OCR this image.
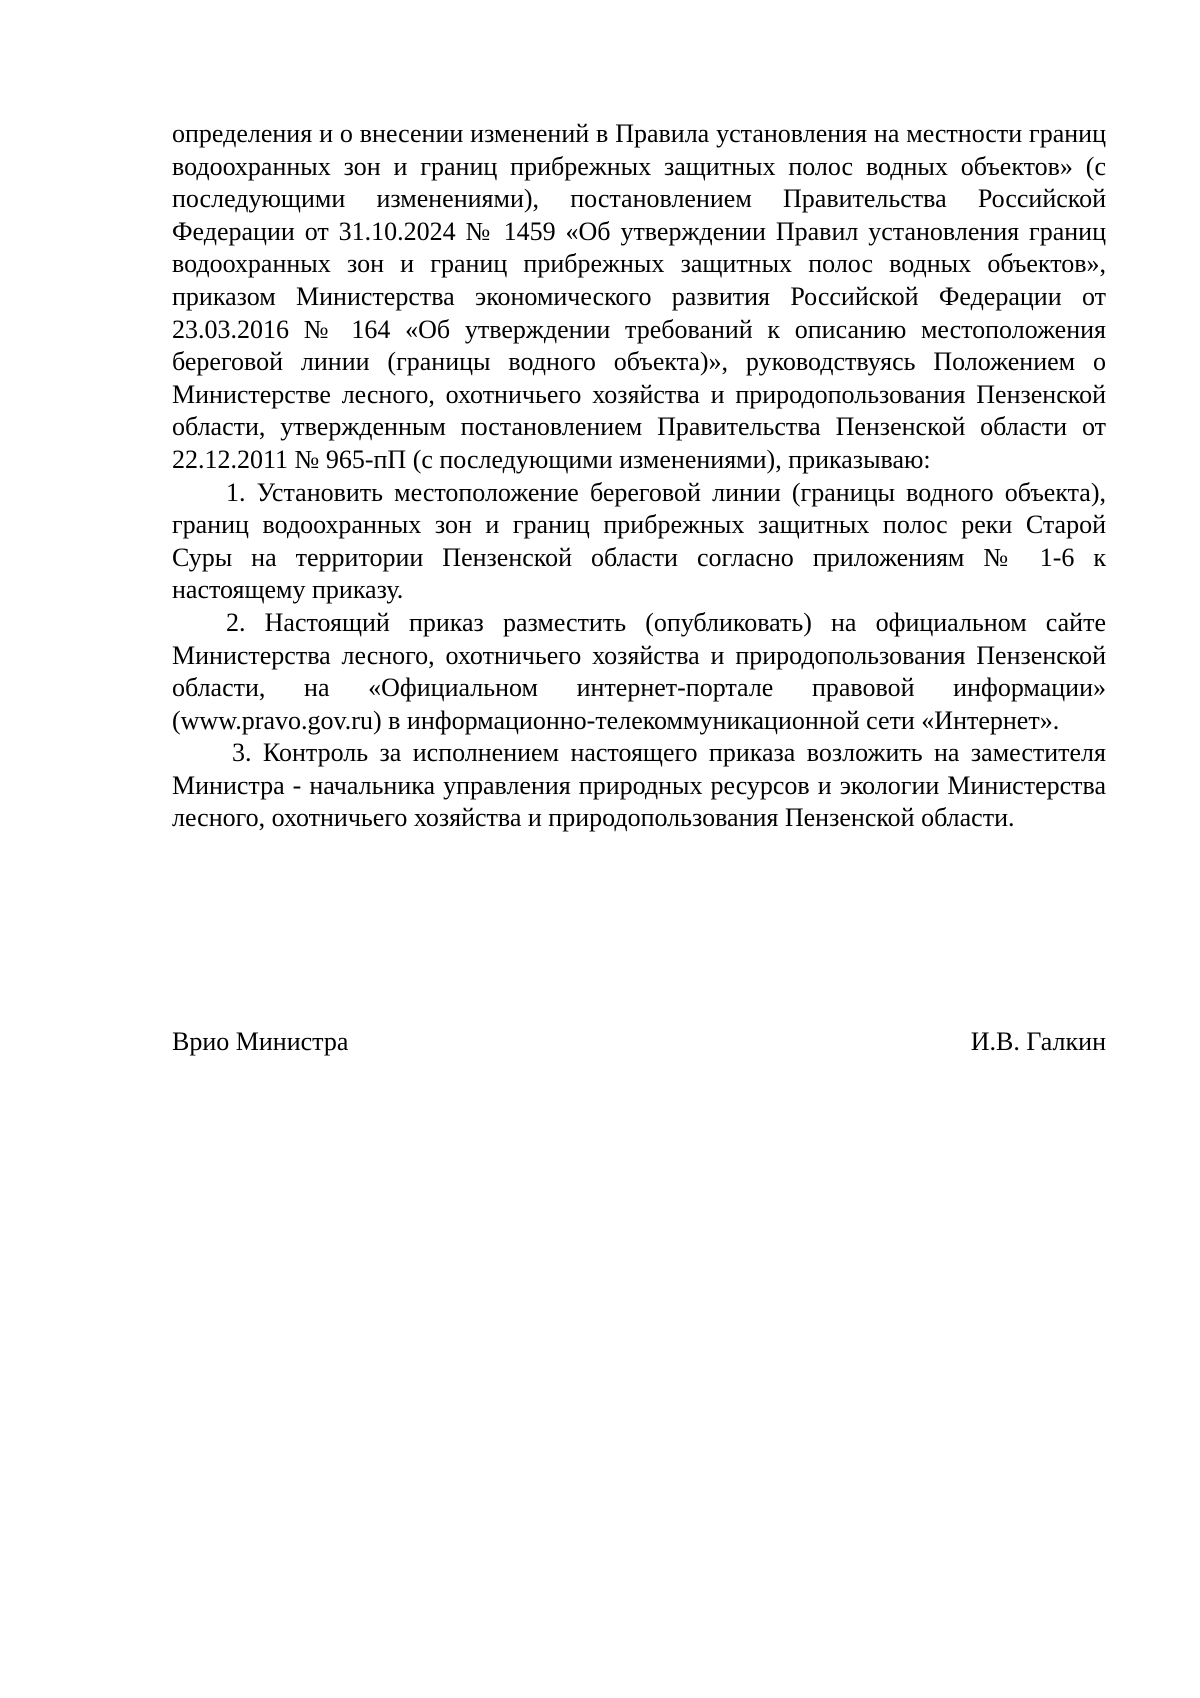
определения и о внесении изменений в Правила установления на местности границ водоохранных зон и границ прибрежных защитных полос водных объектов» (с последующими изменениями), постановлением Правительства Российской Федерации от 31.10.2024 № 1459 «Об утверждении Правил установления границ водоохранных зон и границ прибрежных защитных полос водных объектов», приказом Министерства экономического развития Российской Федерации от 23.03.2016 № 164 «Об утверждении требований к описанию местоположения береговой линии (границы водного объекта)», руководствуясь Положением о Министерстве лесного, охотничьего хозяйства и природопользования Пензенской области, утвержденным постановлением Правительства Пензенской области от 22.12.2011 № 965-пП (с последующими изменениями), приказываю:

1. Установить местоположение береговой линии (границы водного объекта), границ водоохранных зон и границ прибрежных защитных полос реки Старой Суры на территории Пензенской области согласно приложениям № 1-6 к настоящему приказу.

2. Настоящий приказ разместить (опубликовать) на официальном сайте Министерства лесного, охотничьего хозяйства и природопользования Пензенской области, на «Официальном интернет-портале правовой информации» (www.pravo.gov.ru) в информационно-телекоммуникационной сети «Интернет».

3. Контроль за исполнением настоящего приказа возложить на заместителя Министра - начальника управления природных ресурсов и экологии Министерства лесного, охотничьего хозяйства и природопользования Пензенской области.

Врио Министра	И.В. Галкин
